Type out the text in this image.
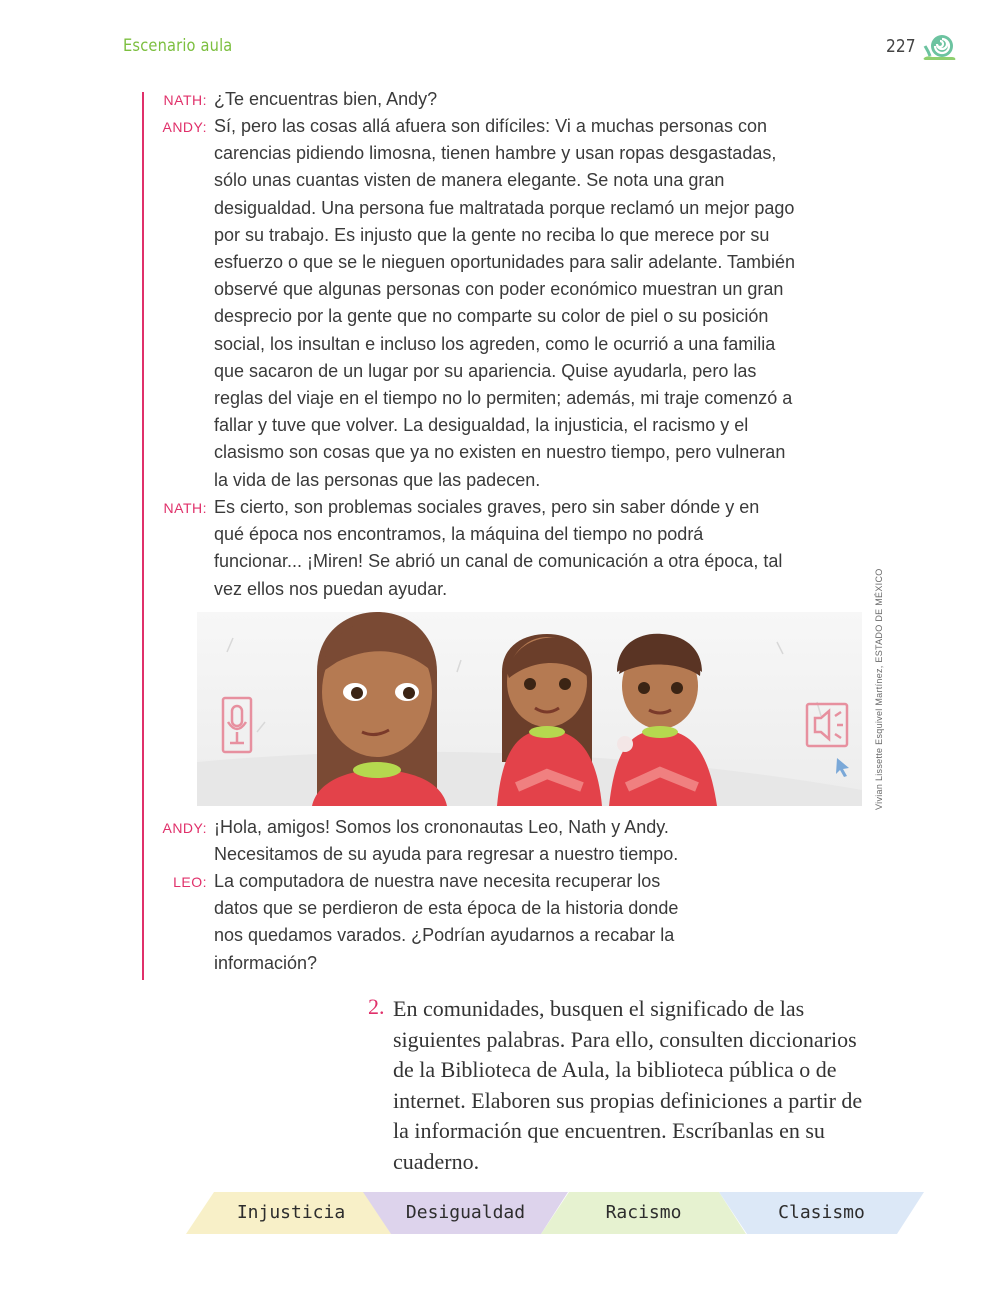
Escenario aula	227
NATH: ¿Te encuentras bien, Andy?
ANDY: Sí, pero las cosas allá afuera son difíciles: Vi a muchas personas con carencias pidiendo limosna, tienen hambre y usan ropas desgastadas, sólo unas cuantas visten de manera elegante. Se nota una gran desigualdad. Una persona fue maltratada porque reclamó un mejor pago por su trabajo. Es injusto que la gente no reciba lo que merece por su esfuerzo o que se le nieguen oportunidades para salir adelante. También observé que algunas personas con poder económico muestran un gran desprecio por la gente que no comparte su color de piel o su posición social, los insultan e incluso los agreden, como le ocurrió a una familia que sacaron de un lugar por su apariencia. Quise ayudarla, pero las reglas del viaje en el tiempo no lo permiten; además, mi traje comenzó a fallar y tuve que volver. La desigualdad, la injusticia, el racismo y el clasismo son cosas que ya no existen en nuestro tiempo, pero vulneran la vida de las personas que las padecen.
NATH: Es cierto, son problemas sociales graves, pero sin saber dónde y en qué época nos encontramos, la máquina del tiempo no podrá funcionar... ¡Miren! Se abrió un canal de comunicación a otra época, tal vez ellos nos puedan ayudar.
ANDY: ¡Hola, amigos! Somos los crononautas Leo, Nath y Andy. Necesitamos de su ayuda para regresar a nuestro tiempo.
LEO: La computadora de nuestra nave necesita recuperar los datos que se perdieron de esta época de la historia donde nos quedamos varados. ¿Podrían ayudarnos a recabar la información?
Vivian Lissette Esquivel Martínez, ESTADO DE MÉXICO
2. En comunidades, busquen el significado de las siguientes palabras. Para ello, consulten diccionarios de la Biblioteca de Aula, la biblioteca pública o de internet. Elaboren sus propias definiciones a partir de la información que encuentren. Escríbanlas en su cuaderno.
Injusticia	Desigualdad	Racismo	Clasismo
